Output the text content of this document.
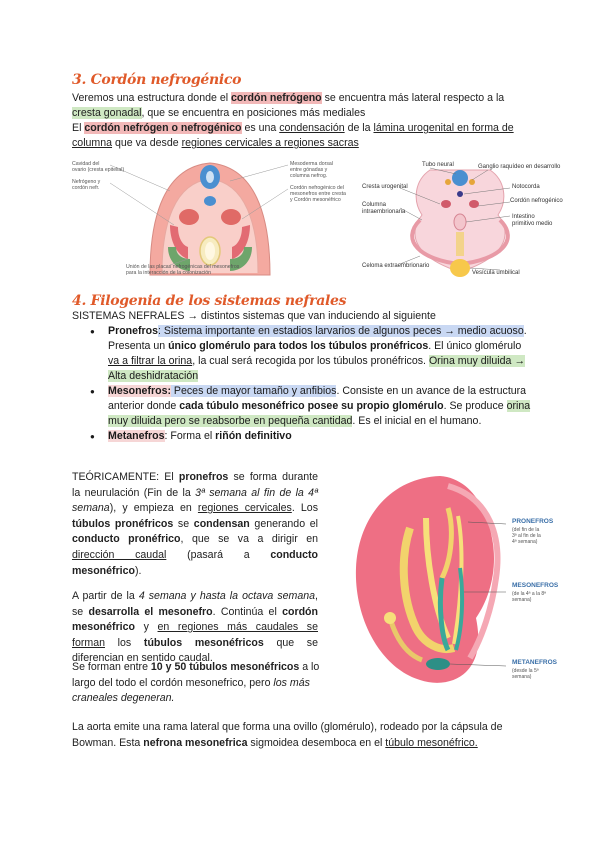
3. Cordón nefrogénico
Veremos una estructura donde el cordón nefrógeno se encuentra más lateral respecto a la
cresta gonadal, que se encuentra en posiciones más mediales
El cordón nefrógen o nefrogénico es una condensación de la lámina urogenital en forma de
columna que va desde regiones cervicales a regiones sacras
Cavidad del
ovario (cresta epitelial)
Nefrógeno y
cordón nefr.
Mesoderma dorsal
entre gónadas y
columna nefrog.
Cordón nefrogénico del
mesonefros entre cresta
y Cordón mesonéfrico
Unión de las placas nefrogénicas del mesonefros
para la interacción de la colonización
Tubo neural	Ganglio raquídeo en desarrollo
Cresta urogenital	Notocorda
Cordón nefrogénico
Columna
intraembrionaria
Intestino
primitivo medio
Celoma extraembrionario
Vesícula umbilical
4. Filogenia de los sistemas nefrales
SISTEMAS NEFRALES → distintos sistemas que van induciendo al siguiente
● Pronefros: Sistema importante en estadios larvarios de algunos peces → medio acuoso. Presenta un único glomérulo para todos los túbulos pronéfricos. El único glomérulo va a filtrar la orina, la cual será recogida por los túbulos pronéfricos. Orina muy diluida → Alta deshidratación
● Mesonefros: Peces de mayor tamaño y anfibios. Consiste en un avance de la estructura anterior donde cada túbulo mesonéfrico posee su propio glomérulo. Se produce orina muy diluida pero se reabsorbe en pequeña cantidad. Es el inicial en el humano.
● Metanefros: Forma el riñón definitivo
TEÓRICAMENTE: El pronefros se forma durante la neurulación (Fin de la 3ª semana al fin de la 4ª semana), y empieza en regiones cervicales. Los túbulos pronéfricos se condensan generando el conducto pronéfrico, que se va a dirigir en dirección caudal (pasará a conducto mesonéfrico).
A partir de la 4 semana y hasta la octava semana, se desarrolla el mesonefro. Continúa el cordón mesonéfrico y en regiones más caudales se forman los túbulos mesonéfricos que se diferencian en sentido caudal.
Se forman entre 10 y 50 túbulos mesonéfricos a lo largo del todo el cordón mesonefrico, pero los más craneales degeneran.
PRONEFROS
(del fin de la
3ª al fin de la
4ª semana)
MESONEFROS
(de la 4ª a la 8ª
semana)
METANEFROS
(desde la 5ª
semana)
La aorta emite una rama lateral que forma una ovillo (glomérulo), rodeado por la cápsula de Bowman. Esta nefrona mesonefrica sigmoidea desemboca en el túbulo mesonéfrico.
